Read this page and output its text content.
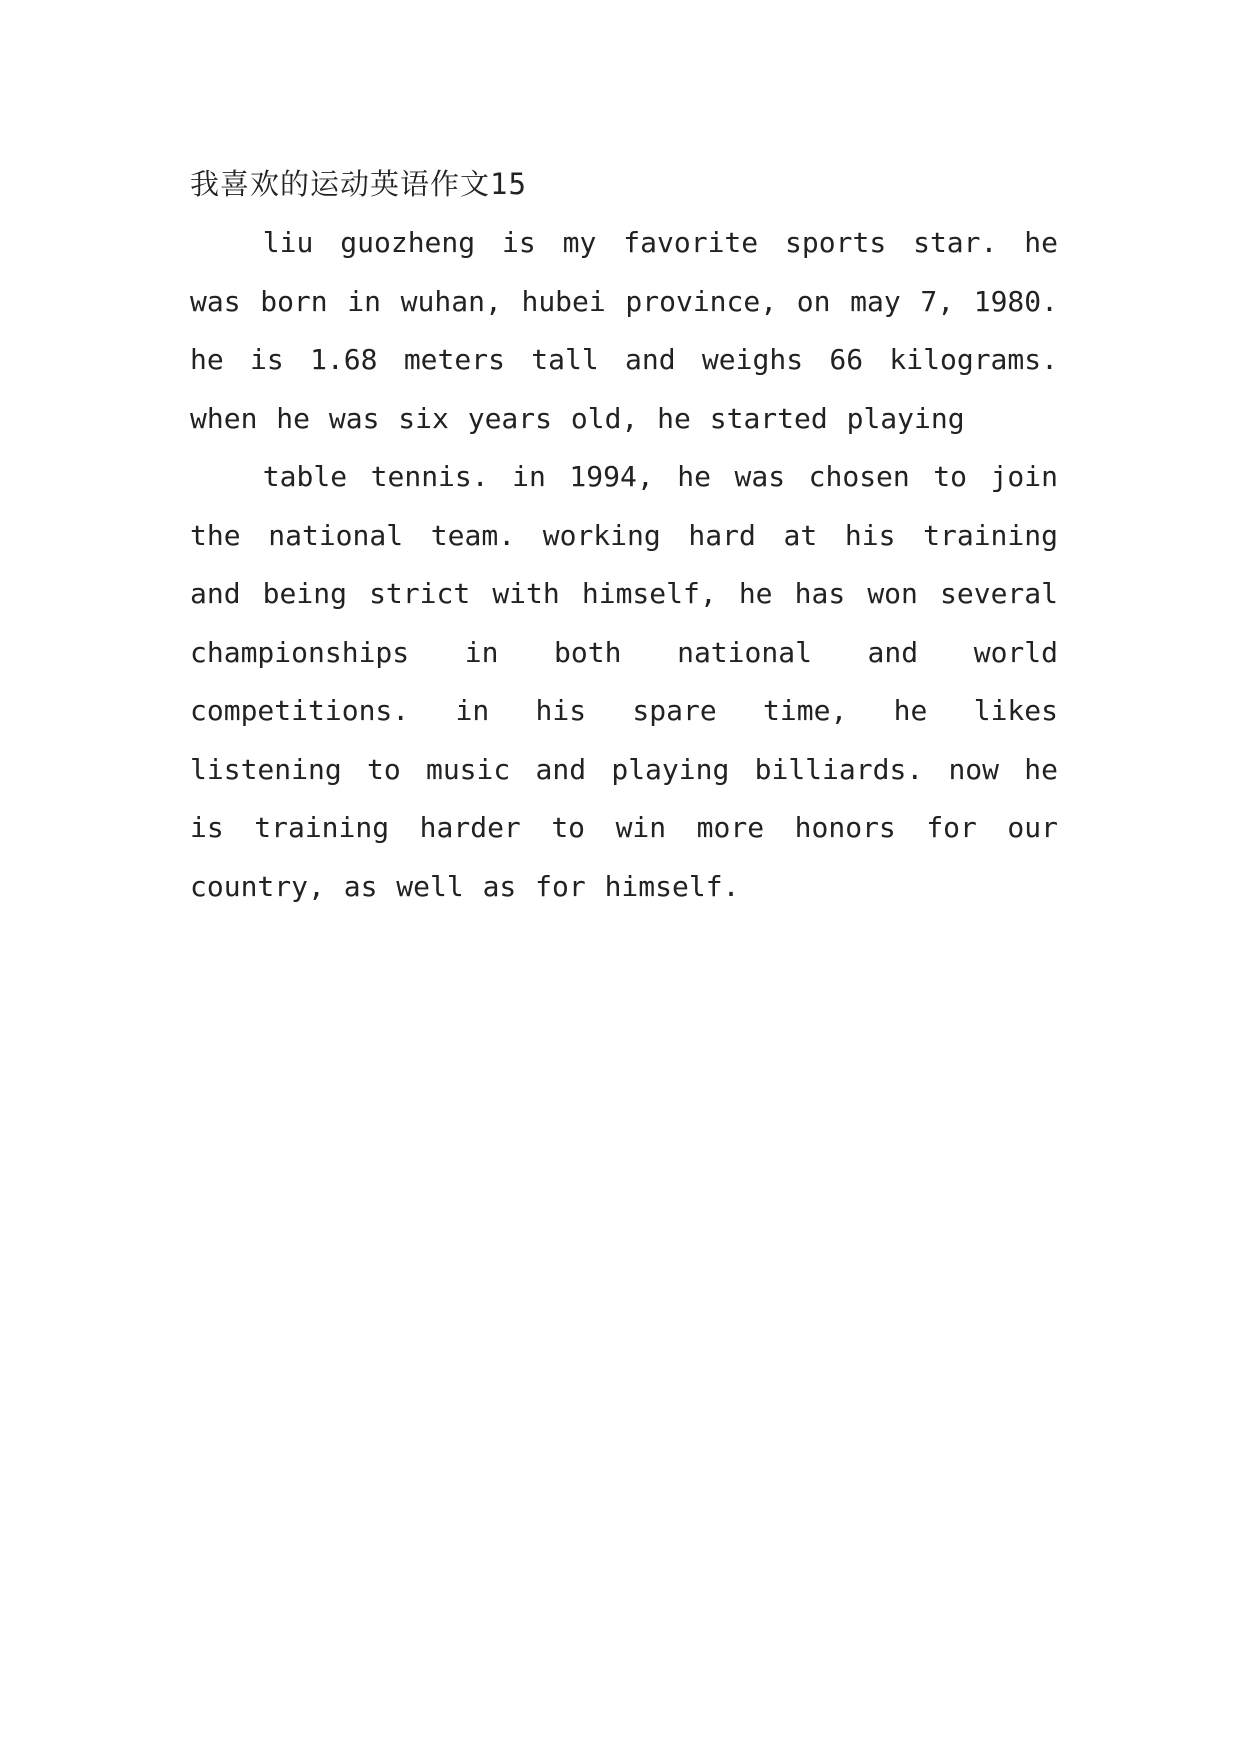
我喜欢的运动英语作文15

liu guozheng is my favorite sports star. he was born in wuhan, hubei province, on may 7, 1980. he is 1.68 meters tall and weighs 66 kilograms. when he was six years old, he started playing

table tennis. in 1994, he was chosen to join the national team. working hard at his training and being strict with himself, he has won several championships in both national and world competitions. in his spare time, he likes listening to music and playing billiards. now he is training harder to win more honors for our country, as well as for himself.
